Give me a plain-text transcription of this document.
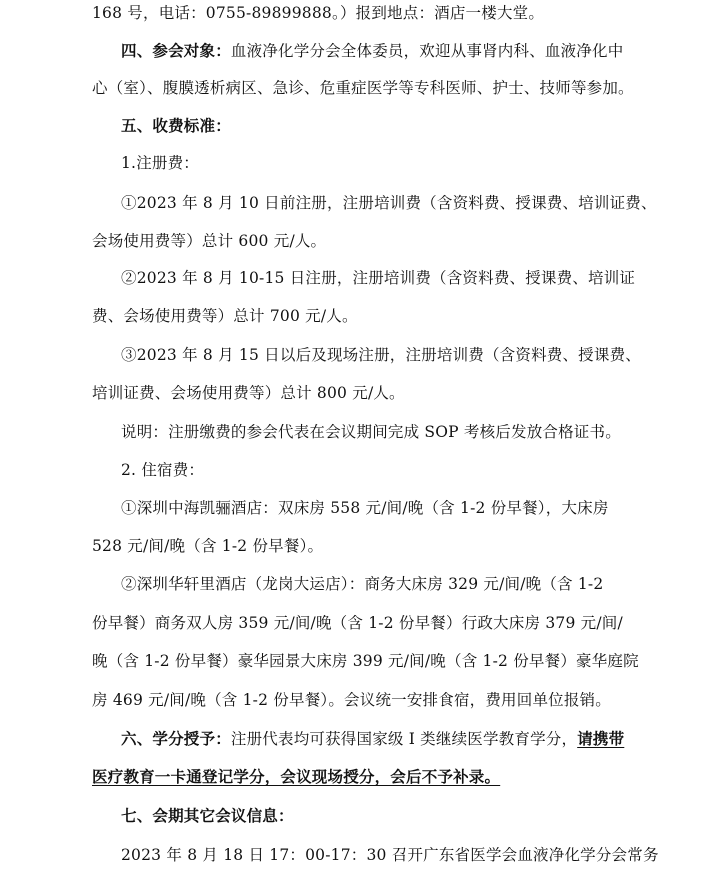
168 号，电话：0755-89899888。）报到地点：酒店一楼大堂。
四、参会对象：血液净化学分会全体委员，欢迎从事肾内科、血液净化中
心（室）、腹膜透析病区、急诊、危重症医学等专科医师、护士、技师等参加。
五、收费标准：
1.注册费：
①2023 年 8 月 10 日前注册，注册培训费（含资料费、授课费、培训证费、
会场使用费等）总计 600 元/人。
②2023 年 8 月 10-15 日注册，注册培训费（含资料费、授课费、培训证
费、会场使用费等）总计 700 元/人。
③2023 年 8 月 15 日以后及现场注册，注册培训费（含资料费、授课费、
培训证费、会场使用费等）总计 800 元/人。
说明：注册缴费的参会代表在会议期间完成 SOP 考核后发放合格证书。
2. 住宿费：
①深圳中海凯骊酒店：双床房 558 元/间/晚（含 1-2 份早餐），大床房
528 元/间/晚（含 1-2 份早餐）。
②深圳华轩里酒店（龙岗大运店）：商务大床房 329 元/间/晚（含 1-2
份早餐）商务双人房 359 元/间/晚（含 1-2 份早餐）行政大床房 379 元/间/
晚（含 1-2 份早餐）豪华园景大床房 399 元/间/晚（含 1-2 份早餐）豪华庭院
房 469 元/间/晚（含 1-2 份早餐）。会议统一安排食宿，费用回单位报销。
六、学分授予：注册代表均可获得国家级 I 类继续医学教育学分，请携带
医疗教育一卡通登记学分，会议现场授分，会后不予补录。
七、会期其它会议信息：
2023 年 8 月 18 日 17：00-17：30 召开广东省医学会血液净化学分会常务
